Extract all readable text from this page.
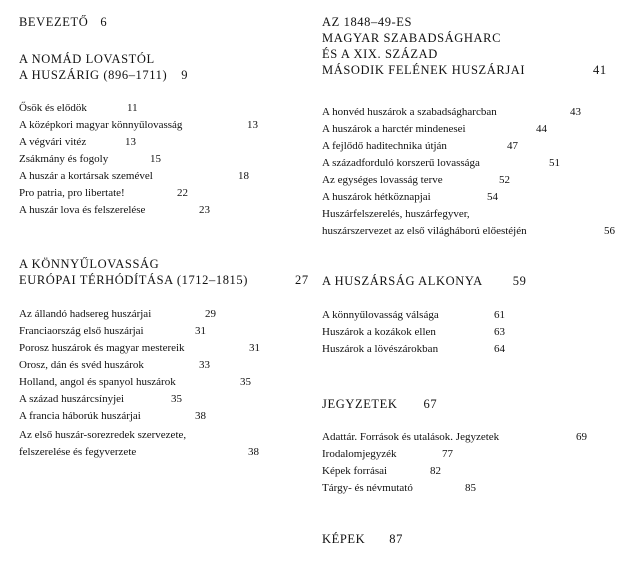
BEVEZETŐ 6
A NOMÁD LOVASTÓL
A HUSZÁRIG (896–1711) 9
Ősök és elődök	11
A középkori magyar könnyűlovasság	13
A végvári vitéz	13
Zsákmány és fogoly	15
A huszár a kortársak szemével	18
Pro patria, pro libertate!	22
A huszár lova és felszerelése	23
A KÖNNYŰLOVASSÁG
EURÓPAI TÉRHÓDÍTÁSA (1712–1815)	27
Az állandó hadsereg huszárjai	29
Franciaország első huszárjai	31
Porosz huszárok és magyar mestereik	31
Orosz, dán és svéd huszárok	33
Holland, angol és spanyol huszárok	35
A század huszárcsínyjei	35
A francia háborúk huszárjai	38
Az első huszár-sorezredek szervezete,
felszerelése és fegyverzete	38
AZ 1848–49-ES
MAGYAR SZABADSÁGHARC
ÉS A XIX. SZÁZAD
MÁSODIK FELÉNEK HUSZÁRJAI	41
A honvéd huszárok a szabadságharcban	43
A huszárok a harctér mindenesei	44
A fejlődő haditechnika útján	47
A századforduló korszerű lovassága	51
Az egységes lovasság terve	52
A huszárok hétköznapjai	54
Huszárfelszerelés, huszárfegyver,
huszárszervezet az első világháború előestéjén	56
A HUSZÁRSÁG ALKONYA 59
A könnyűlovasság válsága	61
Huszárok a kozákok ellen	63
Huszárok a lövészárokban	64
JEGYZETEK 67
Adattár. Források és utalások. Jegyzetek	69
Irodalomjegyzék	77
Képek forrásai	82
Tárgy- és névmutató	85
KÉPEK 87
